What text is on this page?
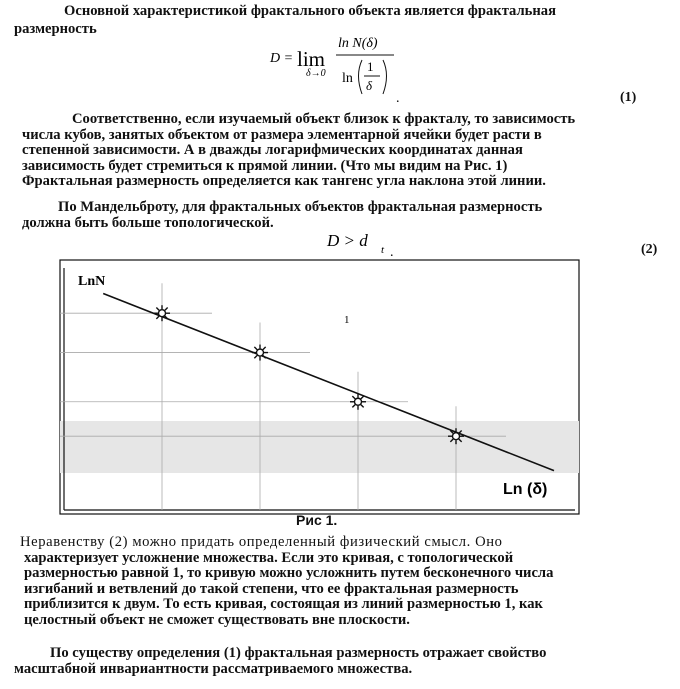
Основной характеристикой фрактального объекта является фрактальная
размерность
D = lim
δ→0
ln N(δ)
ln
1
δ
.	(1)
Соответственно, если изучаемый объект близок к фракталу, то зависимость
числа кубов, занятых объектом от размера элементарной ячейки будет расти в
степенной зависимости. А в дважды логарифмических координатах данная
зависимость будет стремиться к прямой линии. (Что мы видим на Рис. 1)
Фрактальная размерность определяется как тангенс угла наклона этой линии.
По Мандельброту, для фрактальных объектов фрактальная размерность
должна быть больше топологической.
D > d t .	(2)
LnN
Ln (δ)
1
Рис 1.
Неравенству (2) можно придать определенный физический смысл. Оно
характеризует усложнение множества. Если это кривая, с топологической
размерностью равной 1, то кривую можно усложнить путем бесконечного числа
изгибаний и ветвлений до такой степени, что ее фрактальная размерность
приблизится к двум. То есть кривая, состоящая из линий размерностью 1, как
целостный объект не сможет существовать вне плоскости.
По существу определения (1) фрактальная размерность отражает свойство
масштабной инвариантности рассматриваемого множества.
